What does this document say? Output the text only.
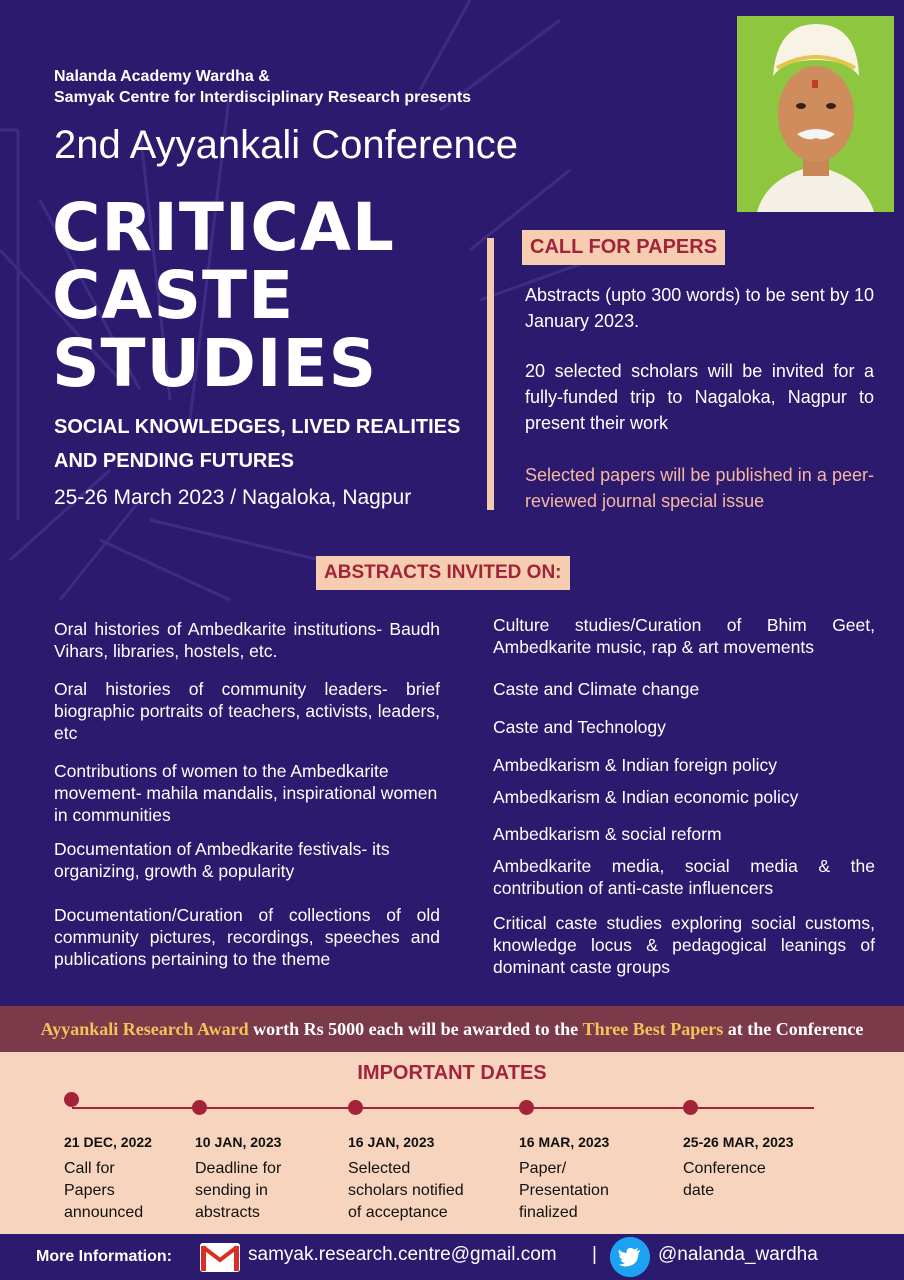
Nalanda Academy Wardha &
Samyak Centre for Interdisciplinary Research presents
2nd Ayyankali Conference
CRITICAL
CASTE
STUDIES
SOCIAL KNOWLEDGES, LIVED REALITIES
AND PENDING FUTURES
25-26 March 2023 / Nagaloka, Nagpur
CALL FOR PAPERS
Abstracts (upto 300 words) to be sent by 10 January 2023.
20 selected scholars will be invited for a fully-funded trip to Nagaloka, Nagpur to present their work
Selected papers will be published in a peer-reviewed journal special issue
ABSTRACTS INVITED ON:
Oral histories of Ambedkarite institutions- Baudh Vihars, libraries, hostels, etc.
Oral histories of community leaders- brief biographic portraits of teachers, activists, leaders, etc
Contributions of women to the Ambedkarite movement- mahila mandalis, inspirational women in communities
Documentation of Ambedkarite festivals- its organizing, growth & popularity
Documentation/Curation of collections of old community pictures, recordings, speeches and publications pertaining to the theme
Culture studies/Curation of Bhim Geet, Ambedkarite music, rap & art movements
Caste and Climate change
Caste and Technology
Ambedkarism & Indian foreign policy
Ambedkarism & Indian economic policy
Ambedkarism & social reform
Ambedkarite media, social media & the contribution of anti-caste influencers
Critical caste studies exploring social customs, knowledge locus & pedagogical leanings of dominant caste groups
Ayyankali Research Award worth Rs 5000 each will be awarded to the Three Best Papers at the Conference
IMPORTANT DATES
21 DEC, 2022
Call for
Papers
announced
10 JAN, 2023
Deadline for
sending in
abstracts
16 JAN, 2023
Selected
scholars notified
of acceptance
16 MAR, 2023
Paper/
Presentation
finalized
25-26 MAR, 2023
Conference
date
More Information:	samyak.research.centre@gmail.com |	@nalanda_wardha
